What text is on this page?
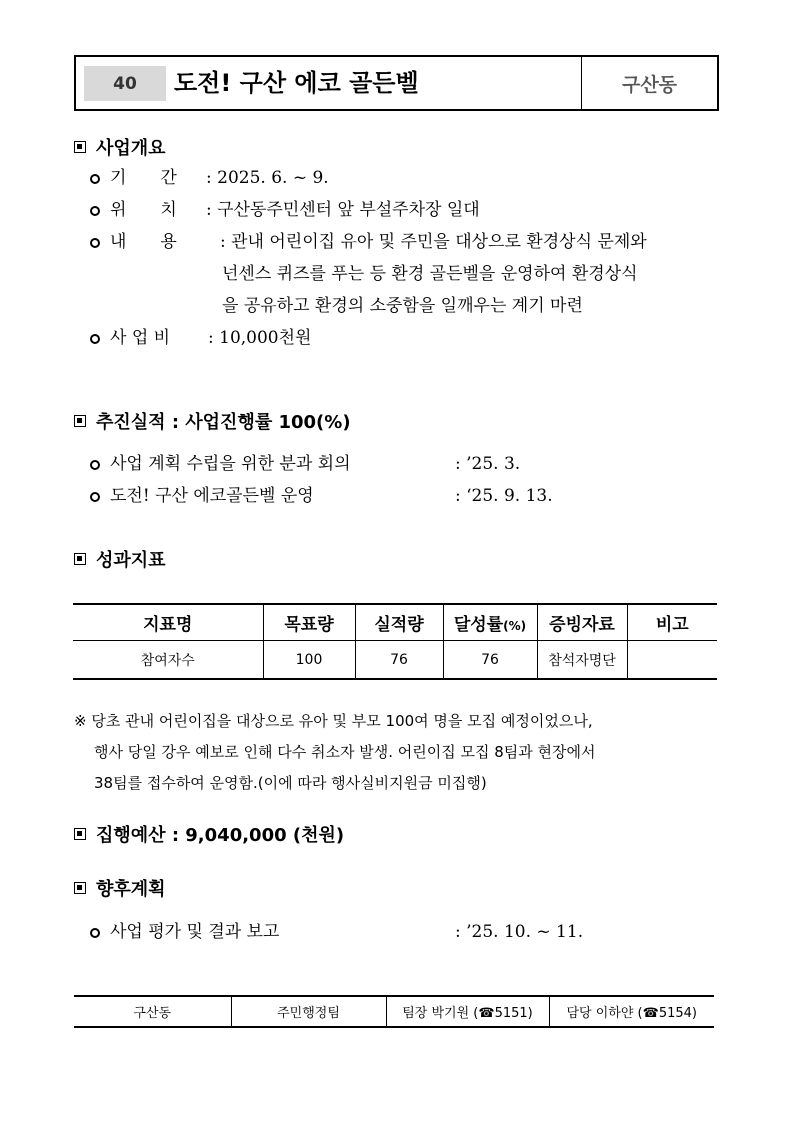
40	도전! 구산 에코 골든벨	구산동
사업개요
기　　간 : 2025. 6. ~ 9.
위　　치 : 구산동주민센터 앞 부설주차장 일대
내　　용	: 관내 어린이집 유아 및 주민을 대상으로 환경상식 문제와
넌센스 퀴즈를 푸는 등 환경 골든벨을 운영하여 환경상식
을 공유하고 환경의 소중함을 일깨우는 계기 마련
사 업 비 : 10,000천원
추진실적 : 사업진행률 100(%)
사업 계획 수립을 위한 분과 회의	: ’25. 3.
도전! 구산 에코골든벨 운영	: ‘25. 9. 13.
성과지표
지표명	목표량	실적량	달성률(%)	증빙자료	비고
참여자수	100	76	76	참석자명단	
※ 당초 관내 어린이집을 대상으로 유아 및 부모 100여 명을 모집 예정이었으나,
행사 당일 강우 예보로 인해 다수 취소자 발생. 어린이집 모집 8팀과 현장에서
38팀를 접수하여 운영함.(이에 따라 행사실비지원금 미집행)
집행예산 : 9,040,000 (천원)
향후계획
사업 평가 및 결과 보고	: ’25. 10. ~ 11.
구산동	주민행정팀	팀장 박기원 (☎5151)	담당 이하얀 (☎5154)
